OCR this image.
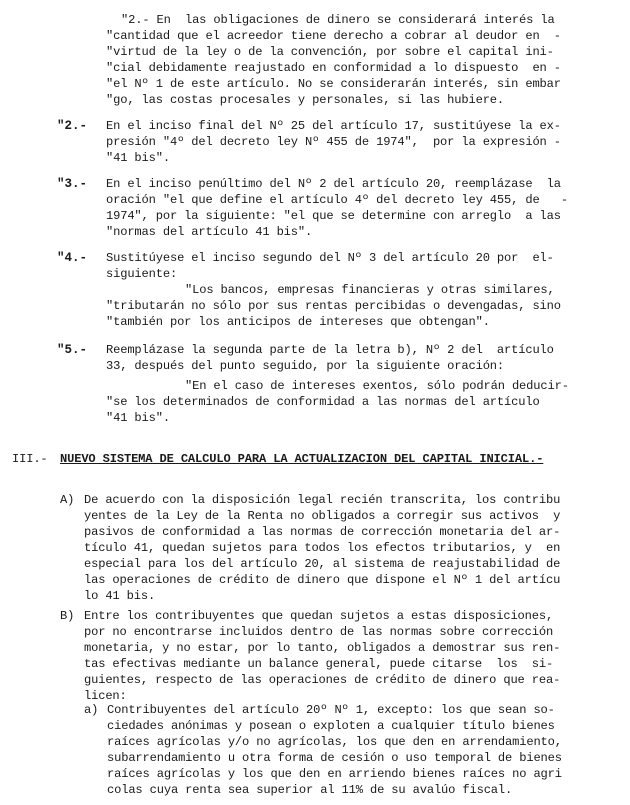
"2.- En  las obligaciones de dinero se considerará interés la
"cantidad que el acreedor tiene derecho a cobrar al deudor en  -
"virtud de la ley o de la convención, por sobre el capital ini-
"cial debidamente reajustado en conformidad a lo dispuesto  en -
"el Nº 1 de este artículo. No se considerarán interés, sin embar
"go, las costas procesales y personales, si las hubiere.
"2.- En el inciso final del Nº 25 del artículo 17, sustitúyese la ex-
presión "4º del decreto ley Nº 455 de 1974",  por la expresión -
"41 bis".
"3.- En el inciso penúltimo del Nº 2 del artículo 20, reemplázase  la
oración "el que define el artículo 4º del decreto ley 455, de   -
1974", por la siguiente: "el que se determine con arreglo  a las
"normas del artículo 41 bis".
"4.- Sustitúyese el inciso segundo del Nº 3 del artículo 20 por  el-
siguiente:
"Los bancos, empresas financieras y otras similares,
"tributarán no sólo por sus rentas percibidas o devengadas, sino
"también por los anticipos de intereses que obtengan".
"5.- Reemplázase la segunda parte de la letra b), Nº 2 del  artículo
33, después del punto seguido, por la siguiente oración:
"En el caso de intereses exentos, sólo podrán deducir-
"se los determinados de conformidad a las normas del artículo
"41 bis".
III.- NUEVO SISTEMA DE CALCULO PARA LA ACTUALIZACION DEL CAPITAL INICIAL.-
A) De acuerdo con la disposición legal recién transcrita, los contribu
yentes de la Ley de la Renta no obligados a corregir sus activos  y
pasivos de conformidad a las normas de corrección monetaria del ar-
tículo 41, quedan sujetos para todos los efectos tributarios, y  en
especial para los del artículo 20, al sistema de reajustabilidad de
las operaciones de crédito de dinero que dispone el Nº 1 del artícu
lo 41 bis.
B) Entre los contribuyentes que quedan sujetos a estas disposiciones,
por no encontrarse incluidos dentro de las normas sobre corrección
monetaria, y no estar, por lo tanto, obligados a demostrar sus ren-
tas efectivas mediante un balance general, puede citarse  los  si-
guientes, respecto de las operaciones de crédito de dinero que rea-
licen:
a) Contribuyentes del artículo 20º Nº 1, excepto: los que sean so-
ciedades anónimas y posean o exploten a cualquier título bienes
raíces agrícolas y/o no agrícolas, los que den en arrendamiento,
subarrendamiento u otra forma de cesión o uso temporal de bienes
raíces agrícolas y los que den en arriendo bienes raíces no agri
colas cuya renta sea superior al 11% de su avalúo fiscal.
